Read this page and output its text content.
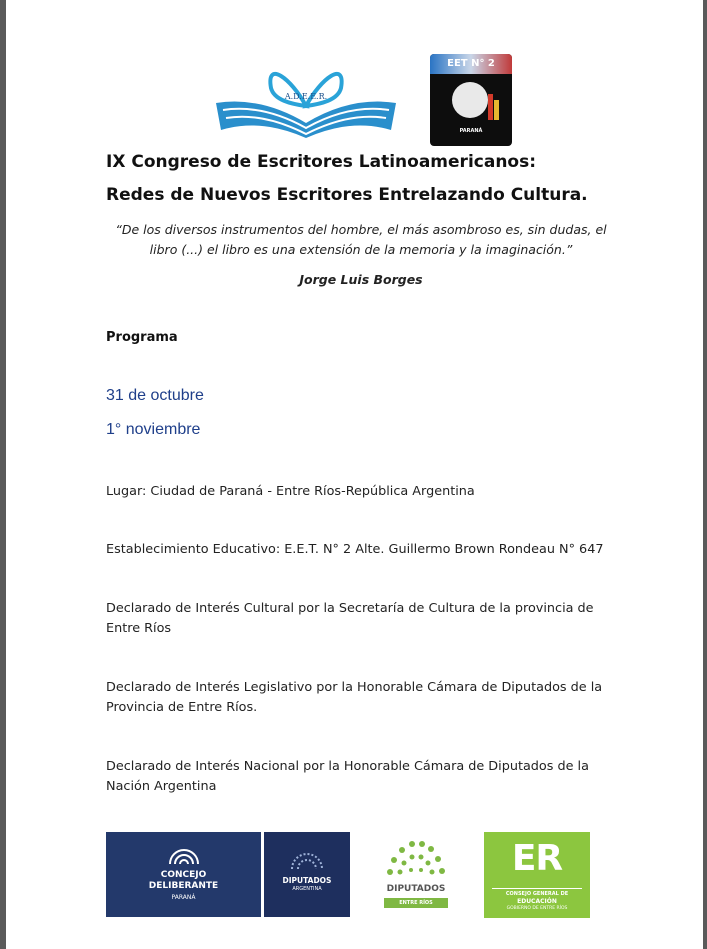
A.D.E.E.R.
EET N° 2
PARANÁ
IX Congreso de Escritores Latinoamericanos:
Redes de Nuevos Escritores Entrelazando Cultura.
“De los diversos instrumentos del hombre, el más asombroso es, sin dudas, el libro (...) el libro es una extensión de la memoria y la imaginación.”
Jorge Luis Borges
Programa
31 de octubre
1° noviembre
Lugar: Ciudad de Paraná - Entre Ríos-República Argentina
Establecimiento Educativo: E.E.T. N° 2 Alte. Guillermo Brown Rondeau N° 647
Declarado de Interés Cultural por la Secretaría de Cultura de la provincia de Entre Ríos
Declarado de Interés Legislativo por la Honorable Cámara de Diputados de la Provincia de Entre Ríos.
Declarado de Interés Nacional por la Honorable Cámara de Diputados de la Nación Argentina
CONCEJO
DELIBERANTE
PARANÁ
DIPUTADOS
ARGENTINA	DIPUTADOS
ENTRE RÍOS
ER
CONSEJO GENERAL DE
EDUCACIÓN
GOBIERNO DE ENTRE RÍOS
